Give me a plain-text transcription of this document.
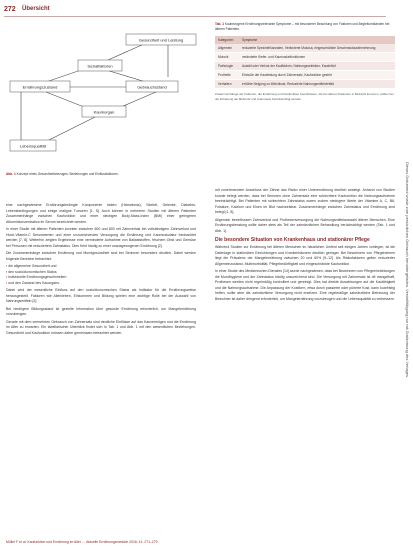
272 Übersicht
Gesundheit und Leistung
Sozialfaktoren
Ernährungszustand	Gebrauchsstand
Kaumorgan
Lebensqualität
Abb. 1 Konzept eines Gesundheitsbezuges. Beziehungen und Einflussfaktoren.
Tab. 1 Kaubezogene Ernährungsrelevante Symptome – mit besonderer Beachtung von Faktoren und Begleitumständen bei älteren Patienten.
Kategorien	Symptome
Allgemein	reduzierte Speichelflussraten, Veränderte Mukosa, eingeschränkte Geschmackswahrnehmung
Motorik	veränderte Kiefer- und Kaumuskelfunktionen
Pathologie	Ausfall oder Verlust der Kauflächen, Nahrungsselektion, Kaudefizit
Prothetik	Einbuße der Kauleistung durch Zahnersatz, Kaufunktion gestört
Verhalten	erhöhte Neigung zu Weichkost, Reduzierte Nahrungsmittelvielfalt
Zusammenhänge der Faktoren, die Ernährung und Kaufunktion beeinflussen, die bei älteren Patienten in Betracht kommen, sollten bei der Erhebung der Befunde und Anamnese berücksichtigt werden.

eine nachgewiesene Ernährungsbedingte Komponente haben (Hämatuma), Skelett, Gelenke, Diabetes, Lebensbedingungen und einige maligne Tumoren [1, 5]. Auch können in mehreren Studien mit älteren Patienten Zusammenhänge zwischen Kaufunktion und einer niedrigen Body-Mass-Index (BMI) einer geringeren Albuminkonzentration im Serum bezeichnet werden.

In einer Studie mit älteren Patienten konnten zwischen 600 und 800 mit Zahnverlust bei vollständigem Zahnverlust und Hoch-Vitamin-C Serumwerten und einer unzureichenden Versorgung die Ernährung und Kaumuskulatur beobachtet werden [7, 8]. Weiterhin zeigten Ergebnisse eine verminderte Aufnahme von Ballaststoffen, frischem Obst und Gemüse bei Personen mit reduziertem Zahnstatus. Dies führt häufig zu einer unausgewogenen Ernährung [2].

Die Zusammenhänge zwischen Ernährung und Mundgesundheit sind bei Senioren besonders deutlich. Dabei werden folgende Bereiche betrachtet:

▪ die allgemeine Gesundheit und
▪ den sozioökonomischen Status
▪ individuelle Ernährungsgewohnheiten
▪ und den Zustand des Kauorgans.

Dabei wird der wesentliche Einfluss auf den sozioökonomischen Status als Indikator für die Ernährungsweise herausgestellt. Faktoren wie Alleinleben, Einkommen und Bildung spielen eine wichtige Rolle bei der Auswahl von Nahrungsmitteln [2].

Bei niedrigem Bildungsstand ist gezielte Information über gesunde Ernährung erforderlich, um Mangelernährung vorzubeugen.

Gerade mit dem vermehrten Gebrauch von Zahnersatz sind deutliche Einflüsse auf das Kauvermögen und die Ernährung im Alter zu erwarten. Ein tabellarischer Überblick findet sich in Tab. 1 und Abb. 1 mit den wesentlichen Beziehungen. Gesundheit und Kaufunktion müssen daher gemeinsam betrachtet werden.

mit zunehmendem Anschluss der Zähne das Risiko einer Unterernährung deutlich ansteigt. Anhand von Studien konnte belegt werden, dass bei Senioren ohne Zahnersatz eine schlechtere Kaufunktion die Nahrungsaufnahme beeinträchtigt. Bei Patienten mit schlechtem Zahnstatus waren zudem niedrigere Werte der Vitamine A, C, B6, Folsäure, Kalzium und Eisen im Blut nachweisbar. Zusammenhänge zwischen Zahnstatus und Ernährung sind belegt [1, 8].

Allgemein beeinflussen Zahnverlust und Prothesenversorgung die Nahrungsmittelauswahl älterer Menschen. Eine Ernährungsberatung sollte daher stets als Teil der zahnärztlichen Behandlung berücksichtigt werden (Tab. 1 und Abb. 1).

Die besondere Situation von Krankenhaus und stationärer Pflege

Während Studien zur Ernährung bei älteren Menschen im häuslichen Umfeld seit einigen Jahren vorliegen, ist die Datenlage in stationären Einrichtungen und Krankenhäusern deutlich geringer. Bei Bewohnern von Pflegeheimen liegt die Prävalenz der Mangelernährung zwischen 20 und 60% [9–12]. Als Risikofaktoren gelten reduzierter Allgemeinzustand, Multimorbidität, Pflegebedürftigkeit und eingeschränkte Kaufunktion.

In einer Studie des Medizinischen Dienstes [14] wurde nachgewiesen, dass bei Bewohnern von Pflegeeinrichtungen die Mundhygiene und der Zahnstatus häufig unzureichend sind. Die Versorgung mit Zahnersatz ist oft mangelhaft, Prothesen werden nicht regelmäßig kontrolliert und gereinigt. Dies hat direkte Auswirkungen auf die Kaufähigkeit und die Nahrungsaufnahme. Die Anpassung der Kostform, etwa durch passierte oder pürierte Kost, kann kurzfristig helfen, sollte aber die zahnärztliche Versorgung nicht ersetzen. Eine regelmäßige zahnärztliche Betreuung der Bewohner ist daher dringend erforderlich, um Mangelernährung vorzubeugen und die Lebensqualität zu verbessern.	Dieses Dokument wurde zum persönlichen Gebrauch heruntergeladen. Vervielfältigung nur mit Zustimmung des Verlages.
Müller F et al. Kaufunktion und Ernährung im Alter … Aktuelle Ernährungsmedizin 2016; 41: 271–279
